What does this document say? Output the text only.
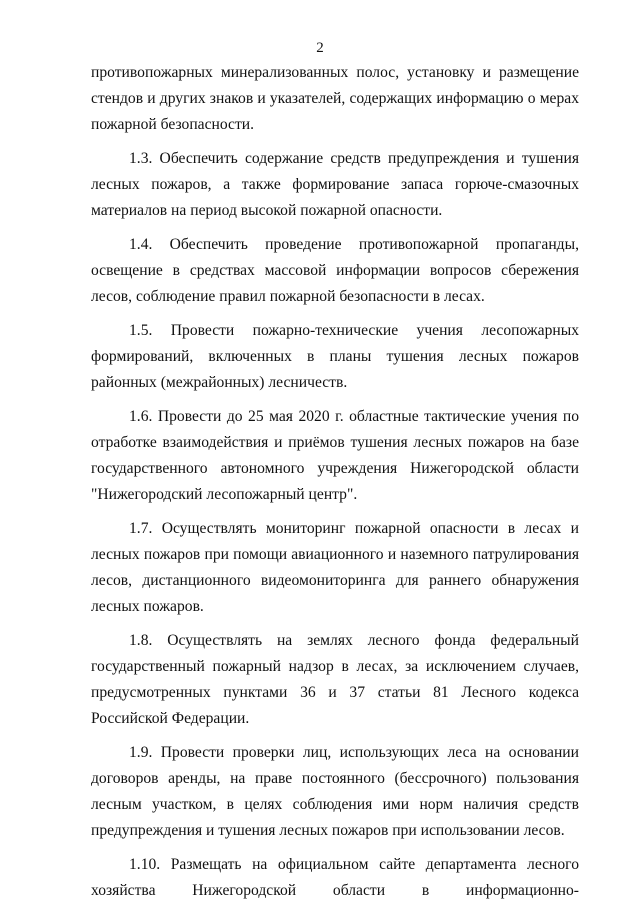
2

противопожарных минерализованных полос, установку и размещение стендов и других знаков и указателей, содержащих информацию о мерах пожарной безопасности.

1.3. Обеспечить содержание средств предупреждения и тушения лесных пожаров, а также формирование запаса горюче-смазочных материалов на период высокой пожарной опасности.

1.4. Обеспечить проведение противопожарной пропаганды, освещение в средствах массовой информации вопросов сбережения лесов, соблюдение правил пожарной безопасности в лесах.

1.5. Провести пожарно-технические учения лесопожарных формирований, включенных в планы тушения лесных пожаров районных (межрайонных) лесничеств.

1.6. Провести до 25 мая 2020 г. областные тактические учения по отработке взаимодействия и приёмов тушения лесных пожаров на базе государственного автономного учреждения Нижегородской области "Нижегородский лесопожарный центр".

1.7. Осуществлять мониторинг пожарной опасности в лесах и лесных пожаров при помощи авиационного и наземного патрулирования лесов, дистанционного видеомониторинга для раннего обнаружения лесных пожаров.

1.8. Осуществлять на землях лесного фонда федеральный государственный пожарный надзор в лесах, за исключением случаев, предусмотренных пунктами 36 и 37 статьи 81 Лесного кодекса Российской Федерации.

1.9. Провести проверки лиц, использующих леса на основании договоров аренды, на праве постоянного (бессрочного) пользования лесным участком, в целях соблюдения ими норм наличия средств предупреждения и тушения лесных пожаров при использовании лесов.

1.10. Размещать на официальном сайте департамента лесного хозяйства Нижегородской области в информационно-
